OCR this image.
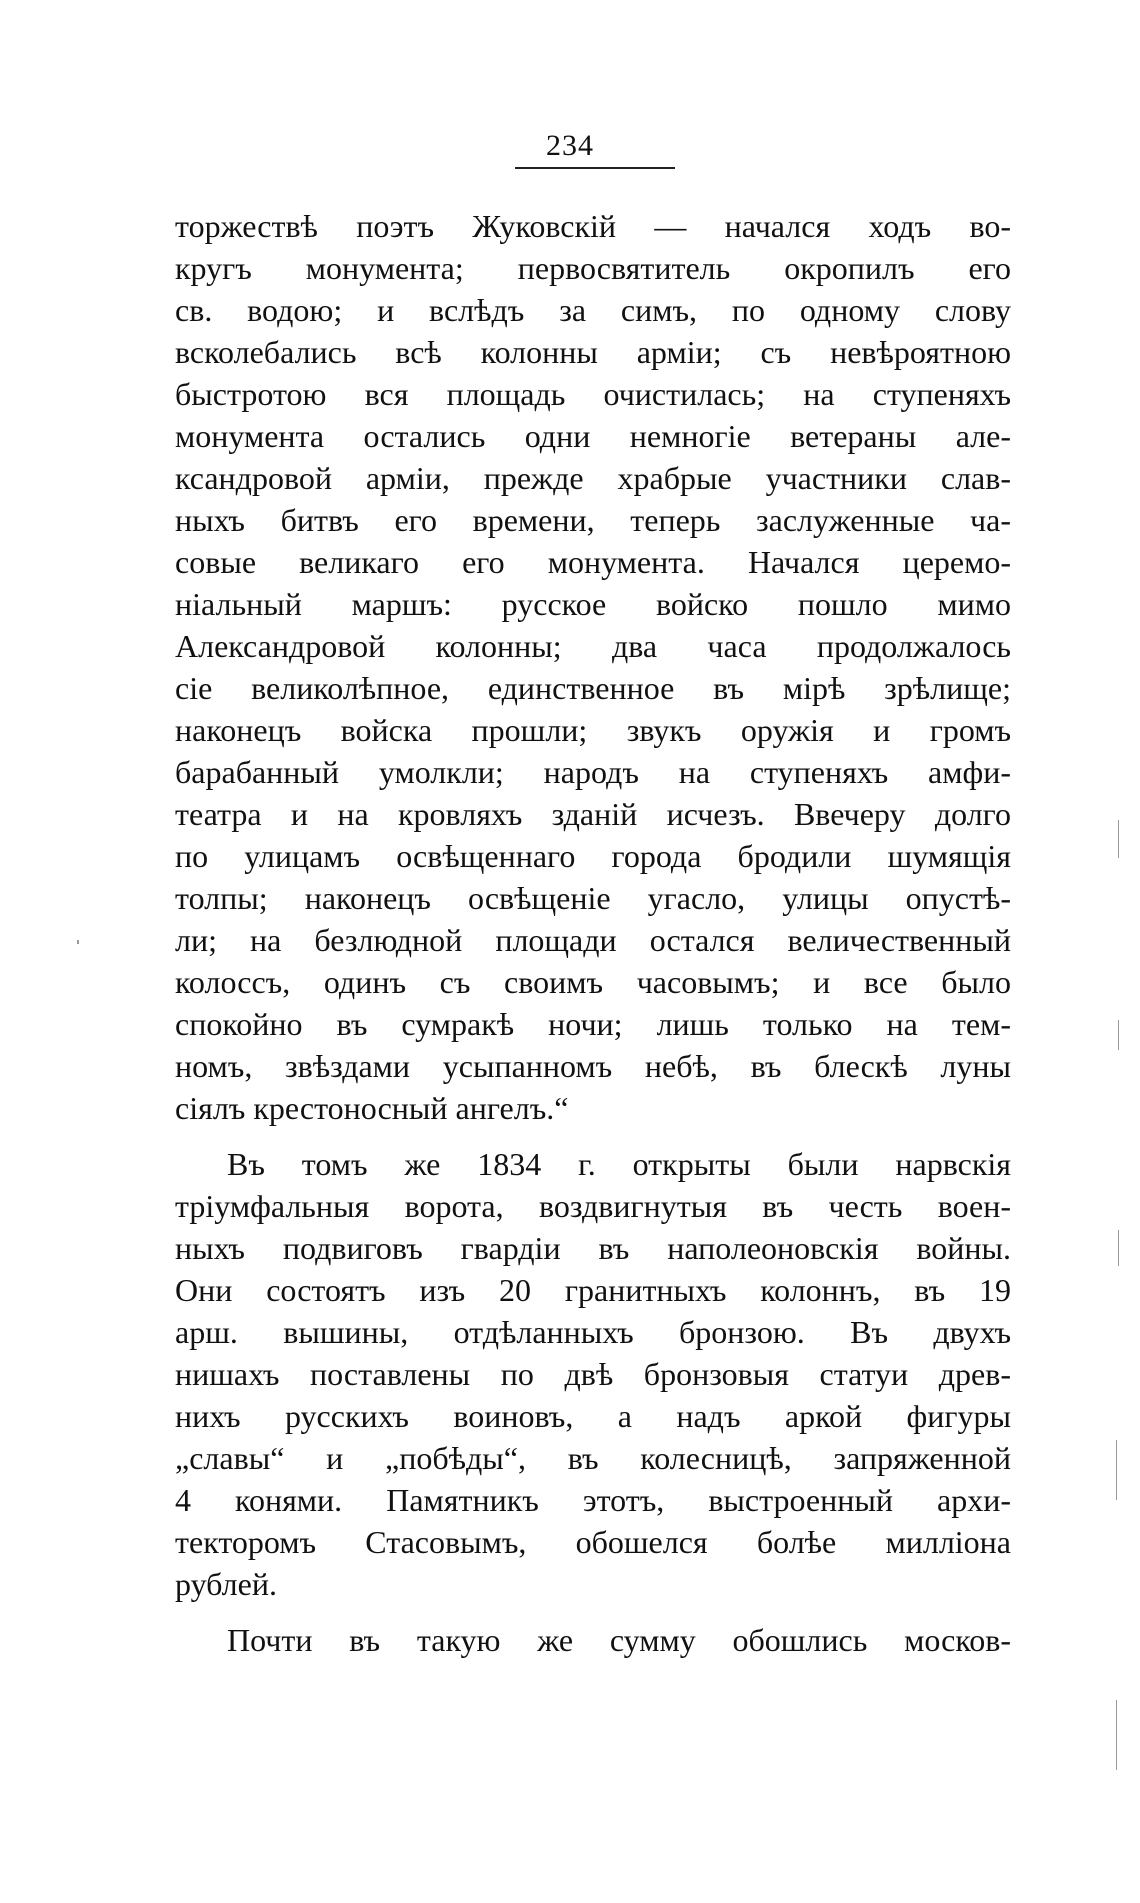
234
торжествѣ поэтъ Жуковскій — начался ходъ во-
кругъ монумента; первосвятитель окропилъ его
св. водою; и вслѣдъ за симъ, по одному слову
всколебались всѣ колонны арміи; съ невѣроятною
быстротою вся площадь очистилась; на ступеняхъ
монумента остались одни немногіе ветераны але-
ксандровой арміи, прежде храбрые участники слав-
ныхъ битвъ его времени, теперь заслуженные ча-
совые великаго его монумента. Начался церемо-
ніальный маршъ: русское войско пошло мимо
Александровой колонны; два часа продолжалось
сіе великолѣпное, единственное въ мірѣ зрѣлище;
наконецъ войска прошли; звукъ оружія и громъ
барабанный умолкли; народъ на ступеняхъ амфи-
театра и на кровляхъ зданій исчезъ. Ввечеру долго
по улицамъ освѣщеннаго города бродили шумящія
толпы; наконецъ освѣщеніе угасло, улицы опустѣ-
ли; на безлюдной площади остался величественный
колоссъ, одинъ съ своимъ часовымъ; и все было
спокойно въ сумракѣ ночи; лишь только на тем-
номъ, звѣздами усыпанномъ небѣ, въ блескѣ луны
сіялъ крестоносный ангелъ.“
Въ томъ же 1834 г. открыты были нарвскія
тріумфальныя ворота, воздвигнутыя въ честь воен-
ныхъ подвиговъ гвардіи въ наполеоновскія войны.
Они состоятъ изъ 20 гранитныхъ колоннъ, въ 19
арш. вышины, отдѣланныхъ бронзою. Въ двухъ
нишахъ поставлены по двѣ бронзовыя статуи древ-
нихъ русскихъ воиновъ, а надъ аркой фигуры
„славы“ и „побѣды“, въ колесницѣ, запряженной
4 конями. Памятникъ этотъ, выстроенный архи-
текторомъ Стасовымъ, обошелся болѣе милліона
рублей.
Почти въ такую же сумму обошлись москов-
